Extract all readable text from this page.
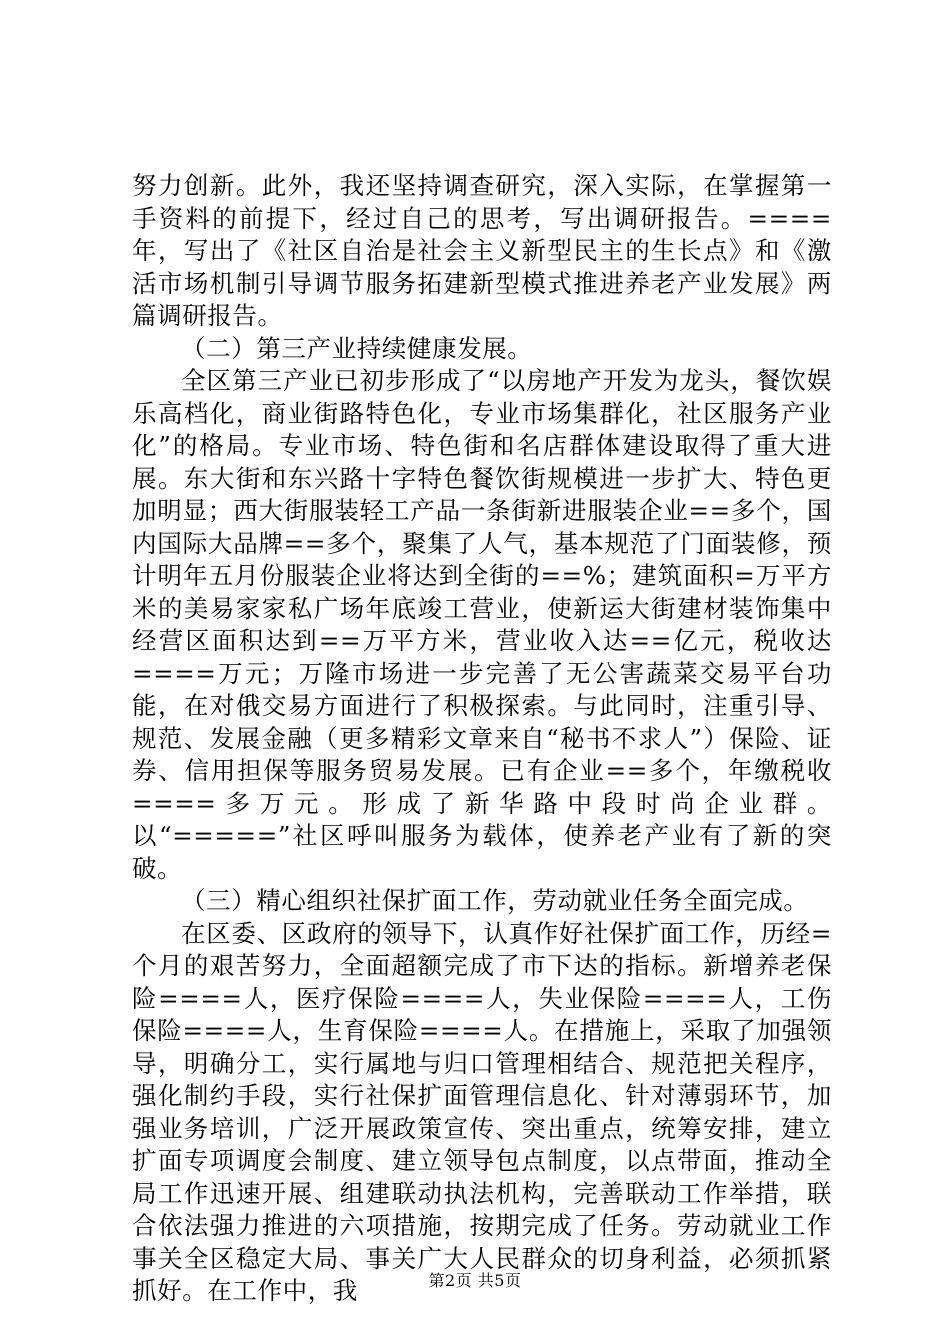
努力创新。此外，我还坚持调查研究，深入实际，在掌握第一手资料的前提下，经过自己的思考，写出调研报告。====年，写出了《社区自治是社会主义新型民主的生长点》和《激活市场机制引导调节服务拓建新型模式推进养老产业发展》两篇调研报告。

（二）第三产业持续健康发展。

全区第三产业已初步形成了“以房地产开发为龙头，餐饮娱乐高档化，商业街路特色化，专业市场集群化，社区服务产业化”的格局。专业市场、特色街和名店群体建设取得了重大进展。东大街和东兴路十字特色餐饮街规模进一步扩大、特色更加明显；西大街服装轻工产品一条街新进服装企业==多个，国内国际大品牌==多个，聚集了人气，基本规范了门面装修，预计明年五月份服装企业将达到全街的==%；建筑面积=万平方米的美易家家私广场年底竣工营业，使新运大街建材装饰集中经营区面积达到==万平方米，营业收入达==亿元，税收达====万元；万隆市场进一步完善了无公害蔬菜交易平台功能，在对俄交易方面进行了积极探索。与此同时，注重引导、规范、发展金融（更多精彩文章来自“秘书不求人”）保险、证券、信用担保等服务贸易发展。已有企业==多个，年缴税收====多万元。形成了新华路中段时尚企业群。以“=====”社区呼叫服务为载体，使养老产业有了新的突破。

（三）精心组织社保扩面工作，劳动就业任务全面完成。

在区委、区政府的领导下，认真作好社保扩面工作，历经=个月的艰苦努力，全面超额完成了市下达的指标。新增养老保险====人，医疗保险====人，失业保险====人，工伤保险====人，生育保险====人。在措施上，采取了加强领导，明确分工，实行属地与归口管理相结合、规范把关程序，强化制约手段，实行社保扩面管理信息化、针对薄弱环节，加强业务培训，广泛开展政策宣传、突出重点，统筹安排，建立扩面专项调度会制度、建立领导包点制度，以点带面，推动全局工作迅速开展、组建联动执法机构，完善联动工作举措，联合依法强力推进的六项措施，按期完成了任务。劳动就业工作事关全区稳定大局、事关广大人民群众的切身利益，必须抓紧抓好。在工作中，我	第2页 共5页
